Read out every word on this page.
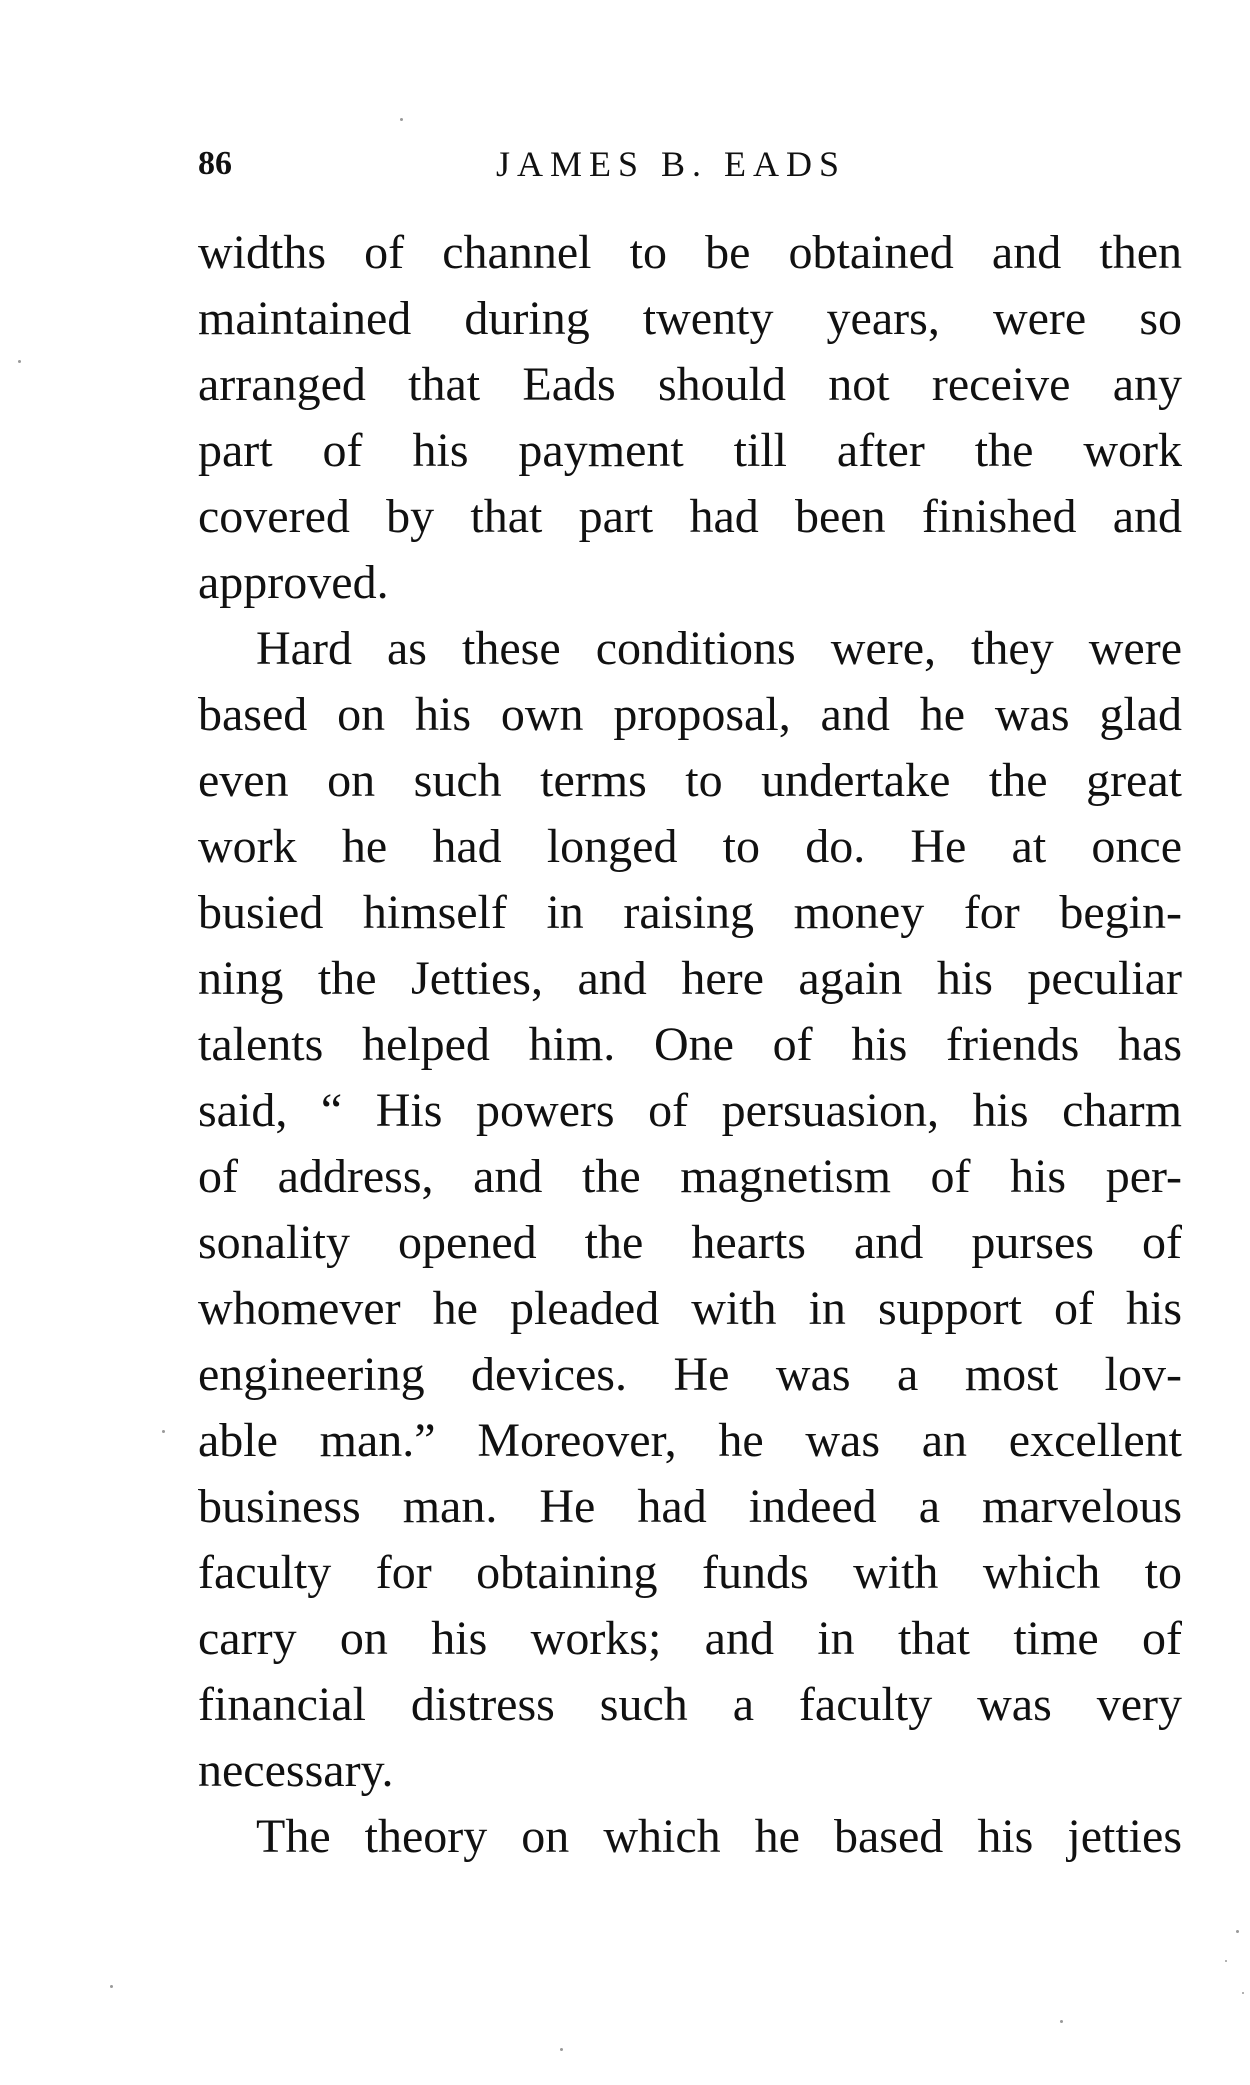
86	JAMES B. EADS
widths of channel to be obtained and then
maintained during twenty years, were so
arranged that Eads should not receive any
part of his payment till after the work
covered by that part had been finished and
approved.
Hard as these conditions were, they were
based on his own proposal, and he was glad
even on such terms to undertake the great
work he had longed to do. He at once
busied himself in raising money for begin-
ning the Jetties, and here again his peculiar
talents helped him. One of his friends has
said, “ His powers of persuasion, his charm
of address, and the magnetism of his per-
sonality opened the hearts and purses of
whomever he pleaded with in support of his
engineering devices. He was a most lov-
able man.” Moreover, he was an excellent
business man. He had indeed a marvelous
faculty for obtaining funds with which to
carry on his works; and in that time of
financial distress such a faculty was very
necessary.
The theory on which he based his jetties
